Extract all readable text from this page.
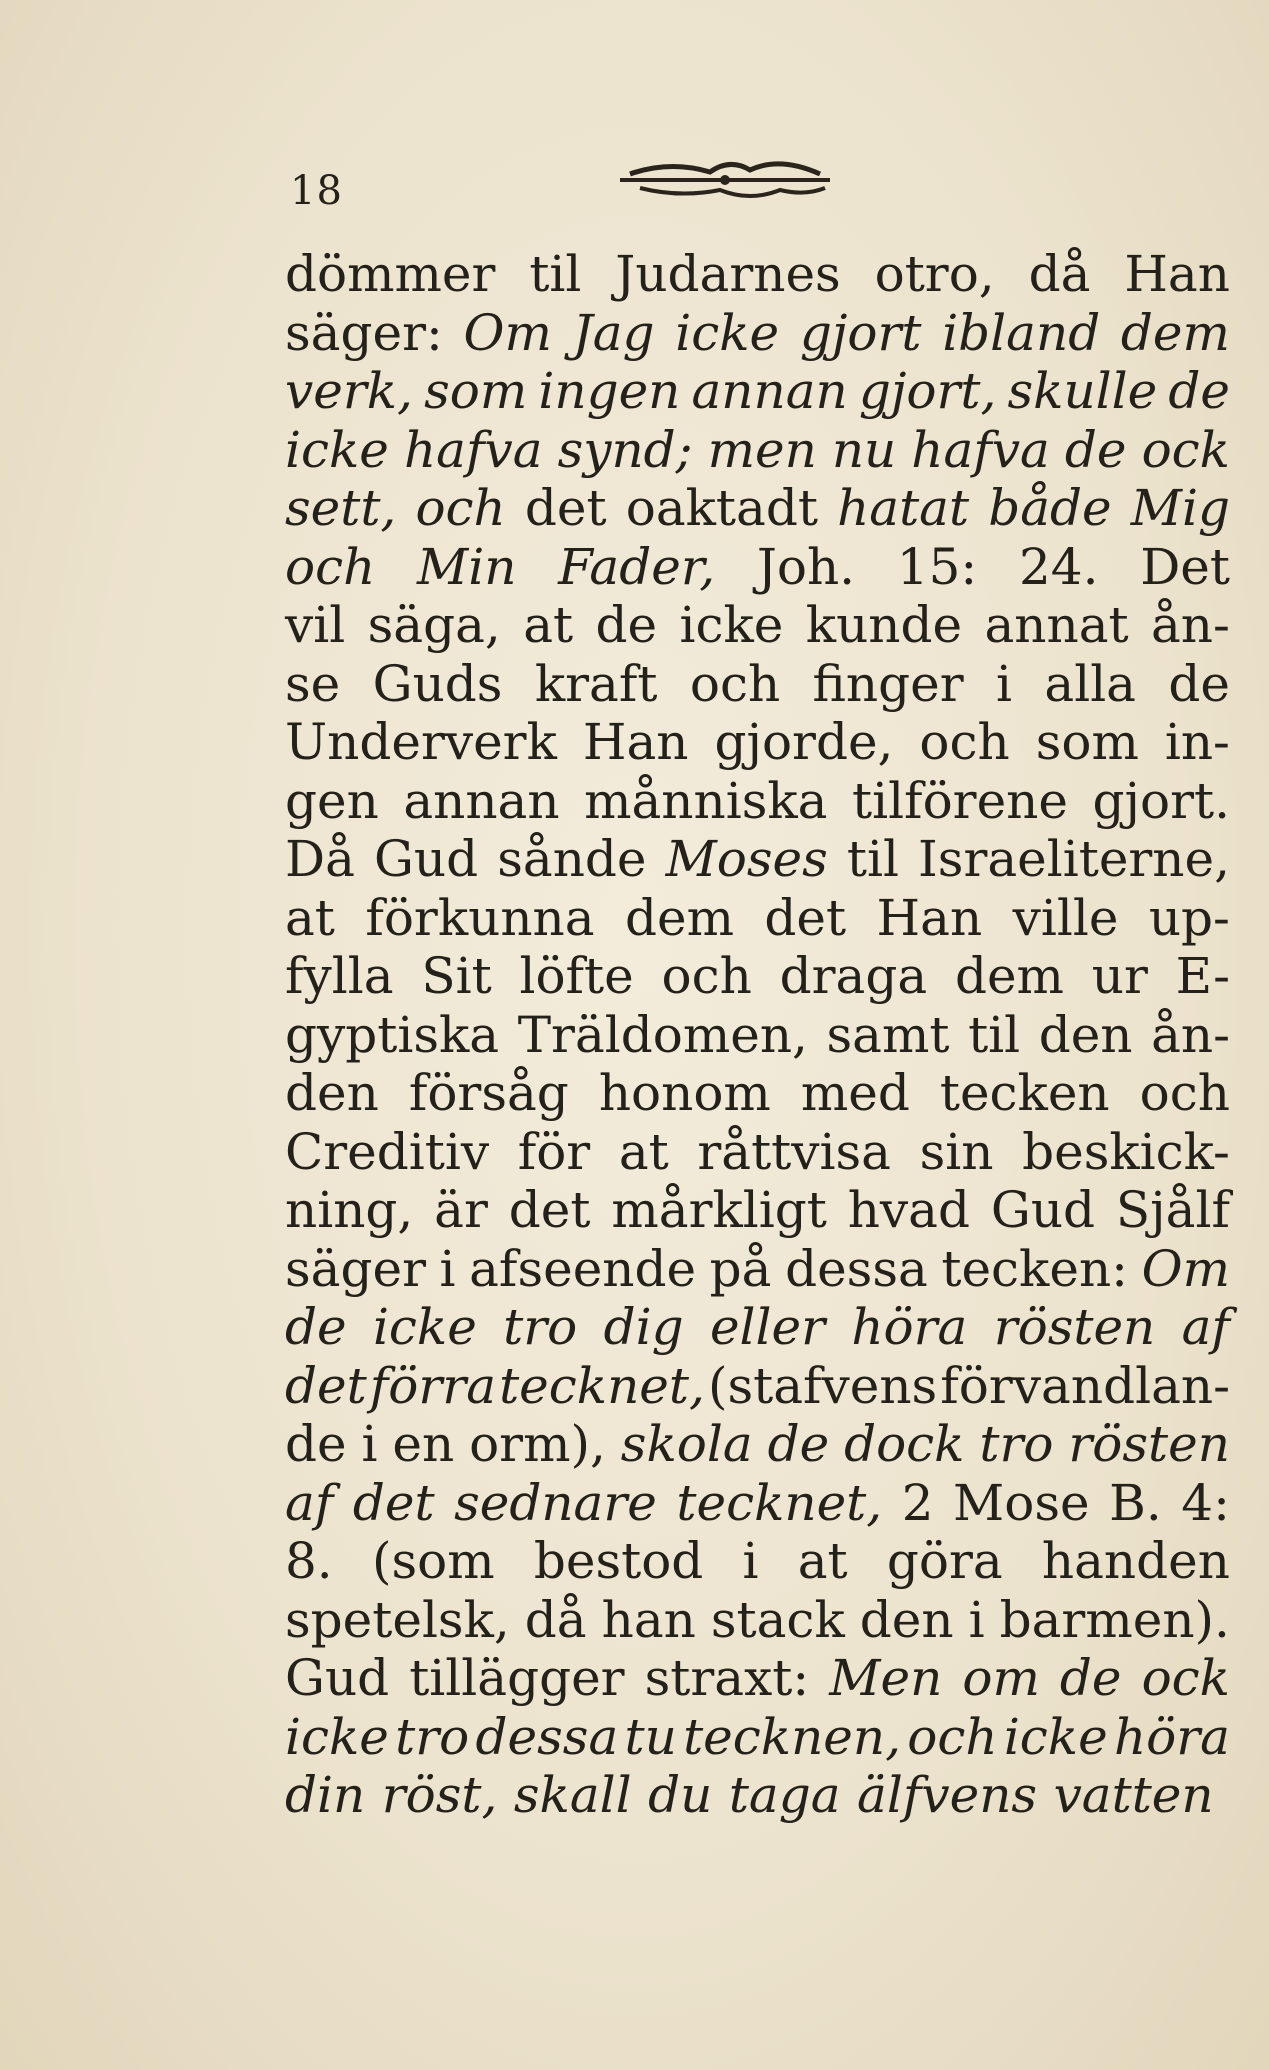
18
dömmer til Judarnes otro, då Han
säger: Om Jag icke gjort ibland dem
verk, som ingen annan gjort, skulle de
icke hafva synd; men nu hafva de ock
sett, och det oaktadt hatat både Mig
och Min Fader, Joh. 15: 24. Det
vil säga, at de icke kunde annat ån-
se Guds kraft och finger i alla de
Underverk Han gjorde, och som in-
gen annan månniska tilförene gjort.
Då Gud sånde Moses til Israeliterne,
at förkunna dem det Han ville up-
fylla Sit löfte och draga dem ur E-
gyptiska Träldomen, samt til den ån-
den försåg honom med tecken och
Creditiv för at råttvisa sin beskick-
ning, är det mårkligt hvad Gud Sjålf
säger i afseende på dessa tecken: Om
de icke tro dig eller höra rösten af
det förra tecknet, (stafvens förvandlan-
de i en orm), skola de dock tro rösten
af det sednare tecknet, 2 Mose B. 4:
8. (som bestod i at göra handen
spetelsk, då han stack den i barmen).
Gud tillägger straxt: Men om de ock
icke tro dessa tu tecknen, och icke höra
din röst, skall du taga älfvens vatten
